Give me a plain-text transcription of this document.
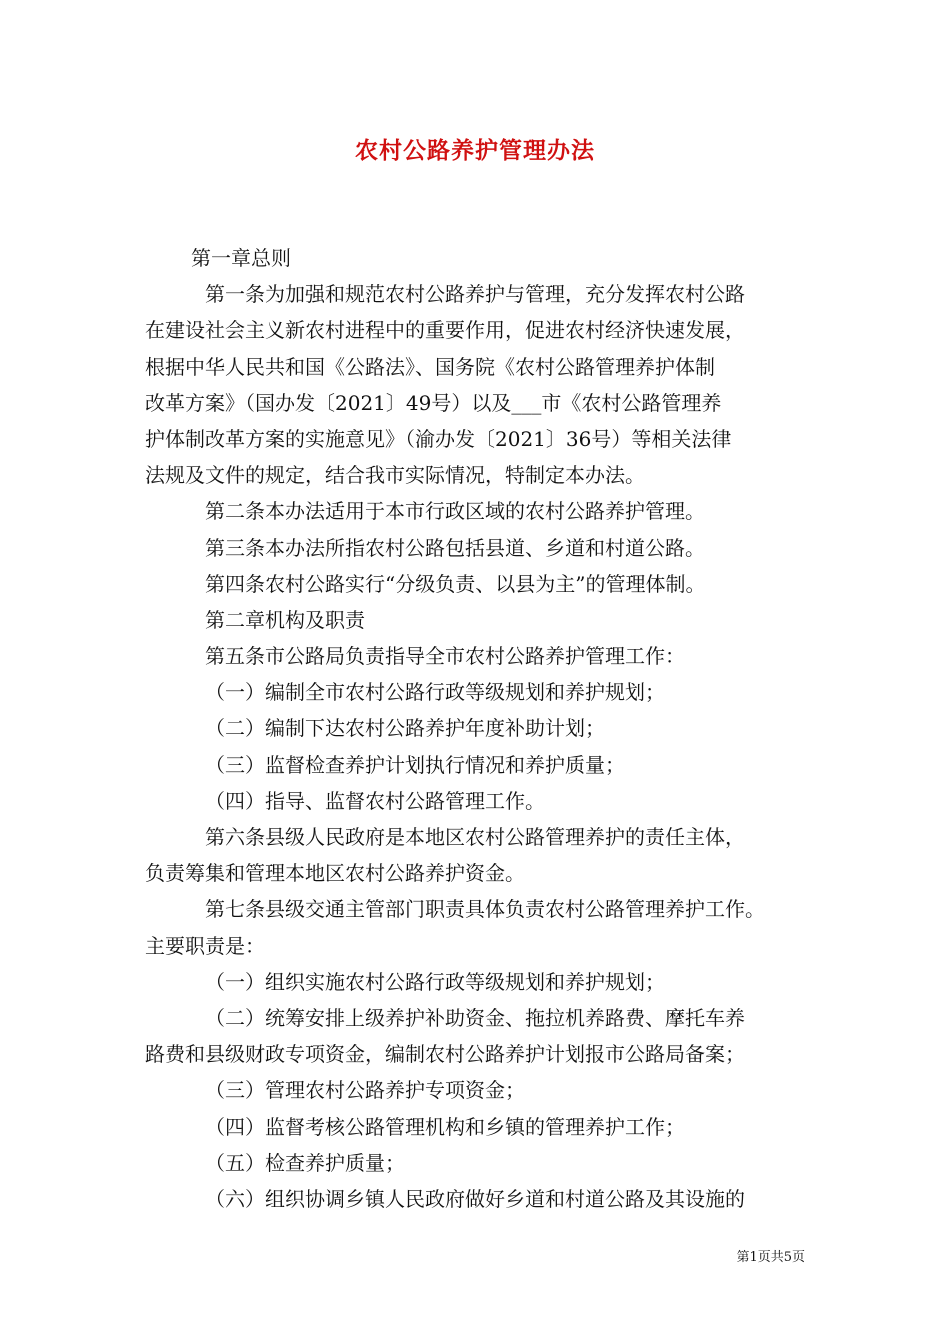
农村公路养护管理办法
第一章总则
第一条为加强和规范农村公路养护与管理，充分发挥农村公路
在建设社会主义新农村进程中的重要作用，促进农村经济快速发展，
根据中华人民共和国《公路法》、国务院《农村公路管理养护体制
改革方案》（国办发〔2021〕49号）以及___市《农村公路管理养
护体制改革方案的实施意见》（渝办发〔2021〕36号）等相关法律
法规及文件的规定，结合我市实际情况，特制定本办法。
第二条本办法适用于本市行政区域的农村公路养护管理。
第三条本办法所指农村公路包括县道、乡道和村道公路。
第四条农村公路实行“分级负责、以县为主”的管理体制。
第二章机构及职责
第五条市公路局负责指导全市农村公路养护管理工作：
（一）编制全市农村公路行政等级规划和养护规划；
（二）编制下达农村公路养护年度补助计划；
（三）监督检查养护计划执行情况和养护质量；
（四）指导、监督农村公路管理工作。
第六条县级人民政府是本地区农村公路管理养护的责任主体，
负责筹集和管理本地区农村公路养护资金。
第七条县级交通主管部门职责具体负责农村公路管理养护工作。
主要职责是：
（一）组织实施农村公路行政等级规划和养护规划；
（二）统筹安排上级养护补助资金、拖拉机养路费、摩托车养
路费和县级财政专项资金，编制农村公路养护计划报市公路局备案；
（三）管理农村公路养护专项资金；
（四）监督考核公路管理机构和乡镇的管理养护工作；
（五）检查养护质量；
（六）组织协调乡镇人民政府做好乡道和村道公路及其设施的
第1页共5页
